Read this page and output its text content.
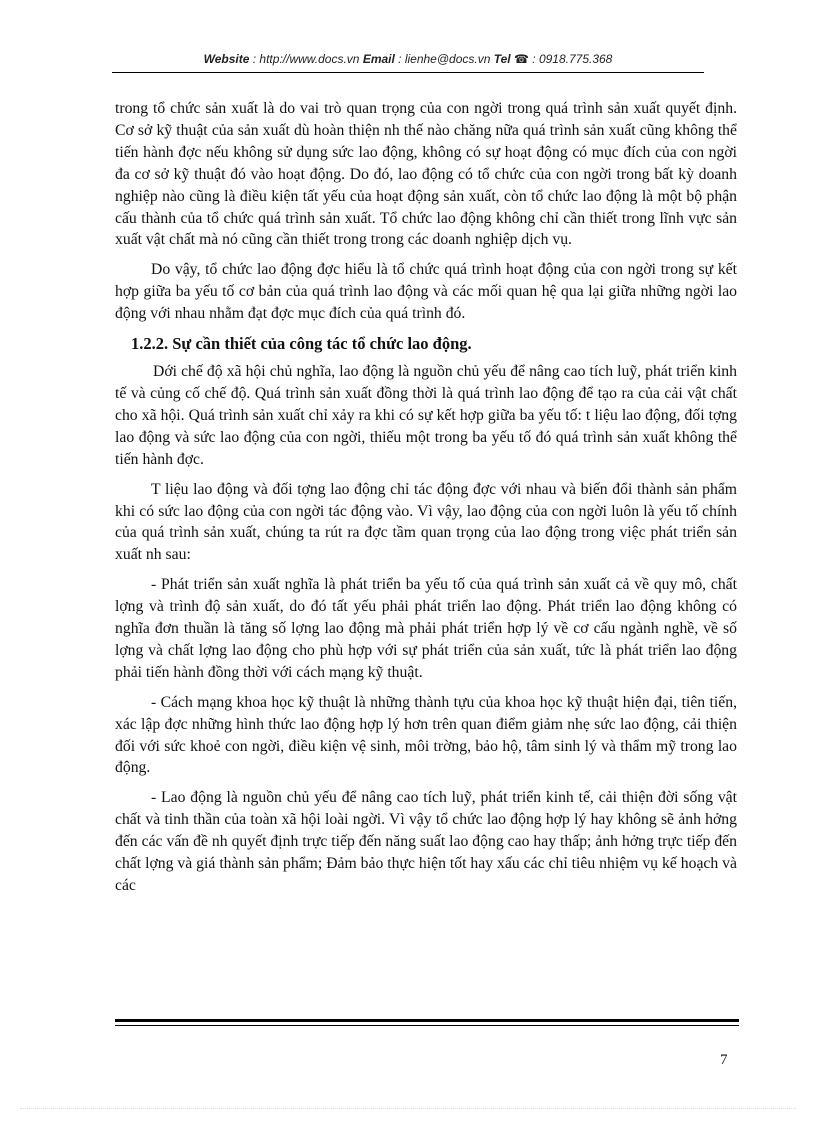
Website : http://www.docs.vn Email : lienhe@docs.vn Tel ☎ : 0918.775.368

trong tổ chức sản xuất là do vai trò quan trọng của con ngời trong quá trình sản xuất quyết định. Cơ sở kỹ thuật của sản xuất dù hoàn thiện nh thế nào chăng nữa quá trình sản xuất cũng không thể tiến hành đợc nếu không sử dụng sức lao động, không có sự hoạt động có mục đích của con ngời đa cơ sở kỹ thuật đó vào hoạt động. Do đó, lao động có tổ chức của con ngời trong bất kỳ doanh nghiệp nào cũng là điều kiện tất yếu của hoạt động sản xuất, còn tổ chức lao động là một bộ phận cấu thành của tổ chức quá trình sản xuất. Tổ chức lao động không chỉ cần thiết trong lĩnh vực sản xuất vật chất mà nó cũng cần thiết trong trong các doanh nghiệp dịch vụ.

Do vậy, tổ chức lao động đợc hiểu là tổ chức quá trình hoạt động của con ngời trong sự kết hợp giữa ba yếu tố cơ bản của quá trình lao động và các mối quan hệ qua lại giữa những ngời lao động với nhau nhằm đạt đợc mục đích của quá trình đó.

1.2.2. Sự cần thiết của công tác tổ chức lao động.

Dới chế độ xã hội chủ nghĩa, lao động là nguồn chủ yếu để nâng cao tích luỹ, phát triển kinh tế và củng cố chế độ. Quá trình sản xuất đồng thời là quá trình lao động để tạo ra của cải vật chất cho xã hội. Quá trình sản xuất chỉ xảy ra khi có sự kết hợp giữa ba yếu tố: t liệu lao động, đối tợng lao động và sức lao động của con ngời, thiếu một trong ba yếu tố đó quá trình sản xuất không thể tiến hành đợc.

T liệu lao động và đối tợng lao động chỉ tác động đợc với nhau và biến đổi thành sản phẩm khi có sức lao động của con ngời tác động vào. Vì vậy, lao động của con ngời luôn là yếu tố chính của quá trình sản xuất, chúng ta rút ra đợc tầm quan trọng của lao động trong việc phát triển sản xuất nh sau:

- Phát triển sản xuất nghĩa là phát triển ba yếu tố của quá trình sản xuất cả về quy mô, chất lợng và trình độ sản xuất, do đó tất yếu phải phát triển lao động. Phát triển lao động không có nghĩa đơn thuần là tăng số lợng lao động mà phải phát triển hợp lý về cơ cấu ngành nghề, về số lợng và chất lợng lao động cho phù hợp với sự phát triển của sản xuất, tức là phát triển lao động phải tiến hành đồng thời với cách mạng kỹ thuật.

- Cách mạng khoa học kỹ thuật là những thành tựu của khoa học kỹ thuật hiện đại, tiên tiến, xác lập đợc những hình thức lao động hợp lý hơn trên quan điểm giảm nhẹ sức lao động, cải thiện đối với sức khoẻ con ngời, điều kiện vệ sinh, môi trờng, bảo hộ, tâm sinh lý và thẩm mỹ trong lao động.

- Lao động là nguồn chủ yếu để nâng cao tích luỹ, phát triển kinh tế, cải thiện đời sống vật chất và tinh thần của toàn xã hội loài ngời. Vì vậy tổ chức lao động hợp lý hay không sẽ ảnh hởng đến các vấn đề nh quyết định trực tiếp đến năng suất lao động cao hay thấp; ảnh hởng trực tiếp đến chất lợng và giá thành sản phẩm; Đảm bảo thực hiện tốt hay xấu các chỉ tiêu nhiệm vụ kế hoạch và các

7
